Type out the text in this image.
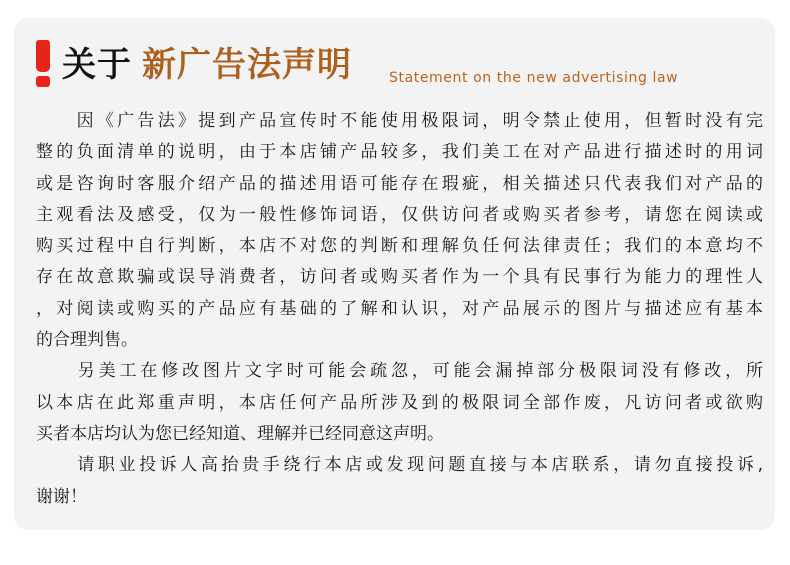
关于 新广告法声明	Statement on the new advertising law
　　因《广告法》提到产品宣传时不能使用极限词，明令禁止使用，但暂时没有完
整的负面清单的说明，由于本店铺产品较多，我们美工在对产品进行描述时的用词
或是咨询时客服介绍产品的描述用语可能存在瑕疵，相关描述只代表我们对产品的
主观看法及感受，仅为一般性修饰词语，仅供访问者或购买者参考，请您在阅读或
购买过程中自行判断，本店不对您的判断和理解负任何法律责任；我们的本意均不
存在故意欺骗或误导消费者，访问者或购买者作为一个具有民事行为能力的理性人
，对阅读或购买的产品应有基础的了解和认识，对产品展示的图片与描述应有基本
的合理判售。
　　另美工在修改图片文字时可能会疏忽，可能会漏掉部分极限词没有修改，所
以本店在此郑重声明，本店任何产品所涉及到的极限词全部作废，凡访问者或欲购
买者本店均认为您已经知道、理解并已经同意这声明。
　　请职业投诉人高抬贵手绕行本店或发现问题直接与本店联系，请勿直接投诉,
谢谢！
